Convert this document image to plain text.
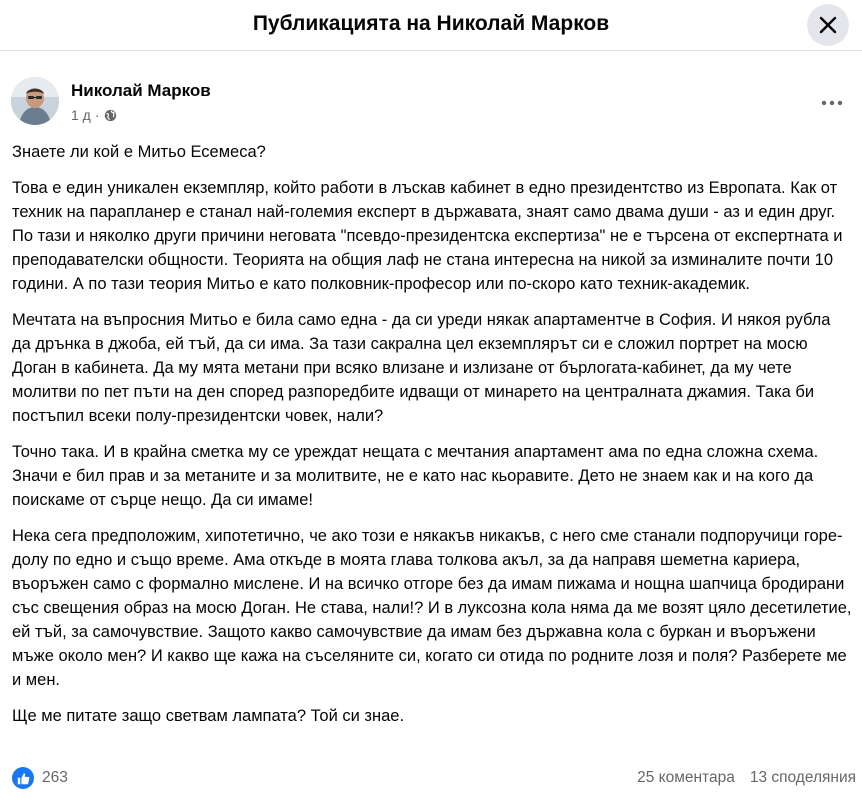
Публикацията на Николай Марков
Николай Марков
1 д ·

Знаете ли кой е Митьо Есемеса?

Това е един уникален екземпляр, който работи в лъскав кабинет в едно президентство из Европата. Как от техник на парапланер е станал най-големия експерт в държавата, знаят само двама души - аз и един друг. По тази и няколко други причини неговата "псевдо-президентска експертиза" не е търсена от експертната и преподавателски общности. Теорията на общия лаф не стана интересна на никой за изминалите почти 10 години. А по тази теория Митьо е като полковник-професор или по-скоро като техник-академик.

Мечтата на въпросния Митьо е била само една - да си уреди някак апартаментче в София. И някоя рубла да дрънка в джоба, ей тъй, да си има. За тази сакрална цел екземплярът си е сложил портрет на мосю Доган в кабинета. Да му мята метани при всяко влизане и излизане от бърлогата-кабинет, да му чете молитви по пет пъти на ден според разпоредбите идващи от минарето на централната джамия. Така би постъпил всеки полу-президентски човек, нали?

Точно така. И в крайна сметка му се уреждат нещата с мечтания апартамент ама по една сложна схема. Значи е бил прав и за метаните и за молитвите, не е като нас кьоравите. Дето не знаем как и на кого да поискаме от сърце нещо. Да си имаме!

Нека сега предположим, хипотетично, че ако този е някакъв никакъв, с него сме станали подпоручици горе-долу по едно и също време. Ама откъде в моята глава толкова акъл, за да направя шеметна кариера, въоръжен само с формално мислене. И на всичко отгоре без да имам пижама и нощна шапчица бродирани със свещения образ на мосю Доган. Не става, нали!? И в луксозна кола няма да ме возят цяло десетилетие, ей тъй, за самочувствие. Защото какво самочувствие да имам без държавна кола с буркан и въоръжени мъже около мен? И какво ще кажа на съселяните си, когато си отида по родните лозя и поля? Разберете ме и мен.

Ще ме питате защо светвам лампата? Той си знае.

263	25 коментара 13 споделяния
